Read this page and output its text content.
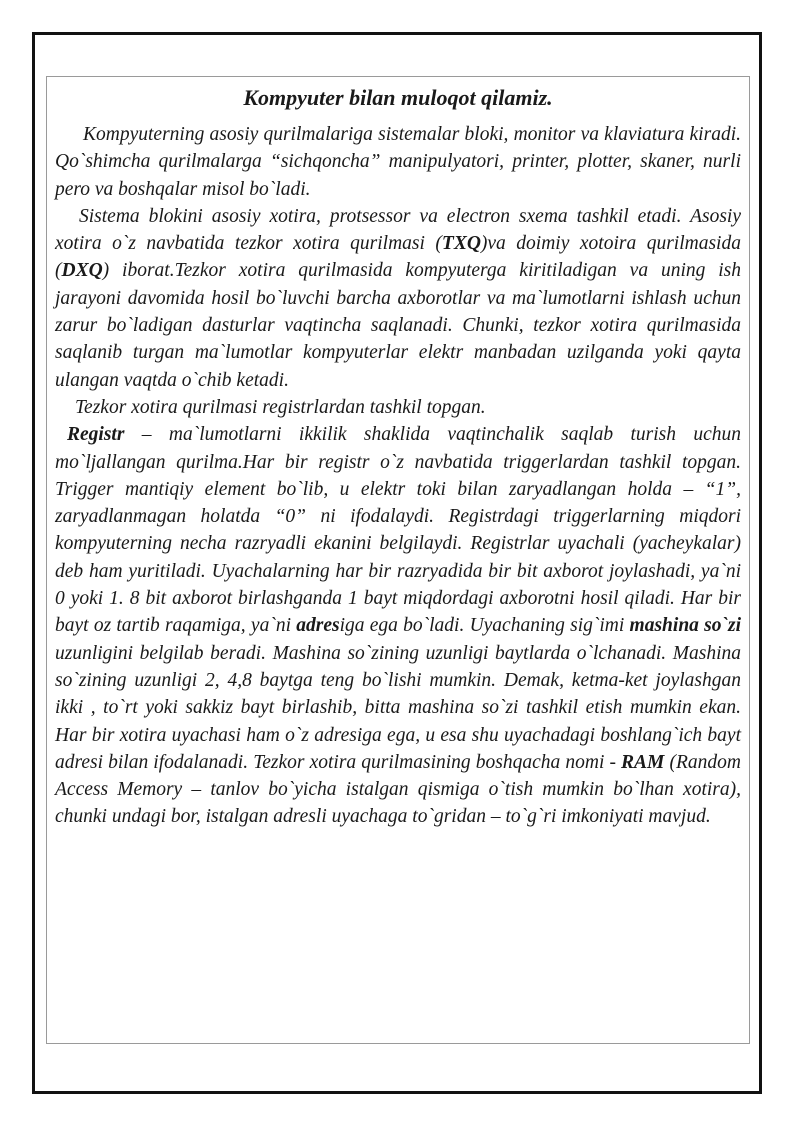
Kompyuter bilan muloqot qilamiz.

Kompyuterning asosiy qurilmalariga sistemalar bloki, monitor va klaviatura kiradi. Qo`shimcha qurilmalarga “sichqoncha” manipulyatori, printer, plotter, skaner, nurli pero va boshqalar misol bo`ladi.

Sistema blokini asosiy xotira, protsessor va electron sxema tashkil etadi. Asosiy xotira o`z navbatida tezkor xotira qurilmasi (TXQ)va doimiy xotoira qurilmasida (DXQ) iborat.Tezkor xotira qurilmasida kompyuterga kiritiladigan va uning ish jarayoni davomida hosil bo`luvchi barcha axborotlar va ma`lumotlarni ishlash uchun zarur bo`ladigan dasturlar vaqtincha saqlanadi. Chunki, tezkor xotira qurilmasida saqlanib turgan ma`lumotlar kompyuterlar elektr manbadan uzilganda yoki qayta ulangan vaqtda o`chib ketadi.

Tezkor xotira qurilmasi registrlardan tashkil topgan.

Registr – ma`lumotlarni ikkilik shaklida vaqtinchalik saqlab turish uchun mo`ljallangan qurilma.Har bir registr o`z navbatida triggerlardan tashkil topgan. Trigger mantiqiy element bo`lib, u elektr toki bilan zaryadlangan holda – “1”, zaryadlanmagan holatda “0” ni ifodalaydi. Registrdagi triggerlarning miqdori kompyuterning necha razryadli ekanini belgilaydi. Registrlar uyachali (yacheykalar) deb ham yuritiladi. Uyachalarning har bir razryadida bir bit axborot joylashadi, ya`ni 0 yoki 1. 8 bit axborot birlashganda 1 bayt miqdordagi axborotni hosil qiladi. Har bir bayt oz tartib raqamiga, ya`ni adresiga ega bo`ladi. Uyachaning sig`imi mashina so`zi uzunligini belgilab beradi. Mashina so`zining uzunligi baytlarda o`lchanadi. Mashina so`zining uzunligi 2, 4,8 baytga teng bo`lishi mumkin. Demak, ketma-ket joylashgan ikki , to`rt yoki sakkiz bayt birlashib, bitta mashina so`zi tashkil etish mumkin ekan. Har bir xotira uyachasi ham o`z adresiga ega, u esa shu uyachadagi boshlang`ich bayt adresi bilan ifodalanadi. Tezkor xotira qurilmasining boshqacha nomi - RAM (Random Access Memory – tanlov bo`yicha istalgan qismiga o`tish mumkin bo`lhan xotira), chunki undagi bor, istalgan adresli uyachaga to`gridan – to`g`ri imkoniyati mavjud.
